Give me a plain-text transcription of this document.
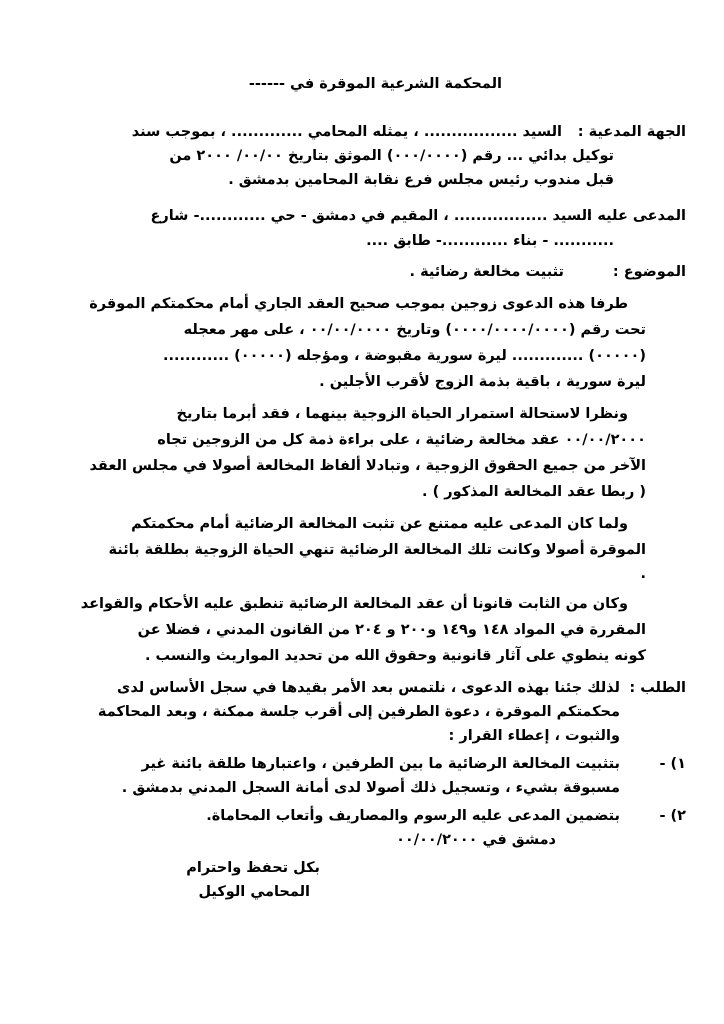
المحكمة الشرعية الموقرة في ------
الجهة المدعية :
السيد ................. ، يمثله المحامي ............. ، بموجب سند
توكيل بدائي ... رقم (٠٠٠/٠٠٠٠) الموثق بتاريخ ٠٠/٠٠/ ٢٠٠٠ من
قبل مندوب رئيس مجلس فرع نقابة المحامين بدمشق .
المدعى عليه :
السيد ................. ، المقيم في دمشق - حي ............- شارع
........... - بناء ............- طابق ....
الموضوع :
تثبيت مخالعة رضائية .
طرفا هذه الدعوى زوجين بموجب صحيح العقد الجاري أمام محكمتكم الموقرة
تحت رقم (٠٠٠٠/٠٠٠٠/٠٠٠٠) وتاريخ ٠٠/٠٠/٠٠٠٠ ، على مهر معجله
(٠٠٠٠٠) ............. ليرة سورية مقبوضة ، ومؤجله (٠٠٠٠٠) ............
ليرة سورية ، باقية بذمة الزوج لأقرب الأجلين .
ونظرا لاستحالة استمرار الحياة الزوجية بينهما ، فقد أبرما بتاريخ
٠٠/٠٠/٢٠٠٠ عقد مخالعة رضائية ، على براءة ذمة كل من الزوجين تجاه
الآخر من جميع الحقوق الزوجية ، وتبادلا ألفاظ المخالعة أصولا في مجلس العقد
( ربطا عقد المخالعة المذكور ) .
ولما كان المدعى عليه ممتنع عن تثبت المخالعة الرضائية أمام محكمتكم
الموقرة أصولا وكانت تلك المخالعة الرضائية تنهي الحياة الزوجية بطلقة بائنة
.
وكان من الثابت قانونا أن عقد المخالعة الرضائية تنطبق عليه الأحكام والقواعد
المقررة في المواد ١٤٨ و١٤٩ و٢٠٠ و ٢٠٤ من القانون المدني ، فضلا عن
كونه ينطوي على آثار قانونية وحقوق الله من تحديد المواريث والنسب .
الطلب :
لذلك جئنا بهذه الدعوى ، نلتمس بعد الأمر بقيدها في سجل الأساس لدى
محكمتكم الموقرة ، دعوة الطرفين إلى أقرب جلسة ممكنة ، وبعد المحاكمة
والثبوت ، إعطاء القرار :
١) -
بتثبيت المخالعة الرضائية ما بين الطرفين ، واعتبارها طلقة بائنة غير
مسبوقة بشيء ، وتسجيل ذلك أصولا لدى أمانة السجل المدني بدمشق .
٢) -
بتضمين المدعى عليه الرسوم والمصاريف وأتعاب المحاماة.
دمشق في ٠٠/٠٠/٢٠٠٠
بكل تحفظ واحترام
المحامي الوكيل
